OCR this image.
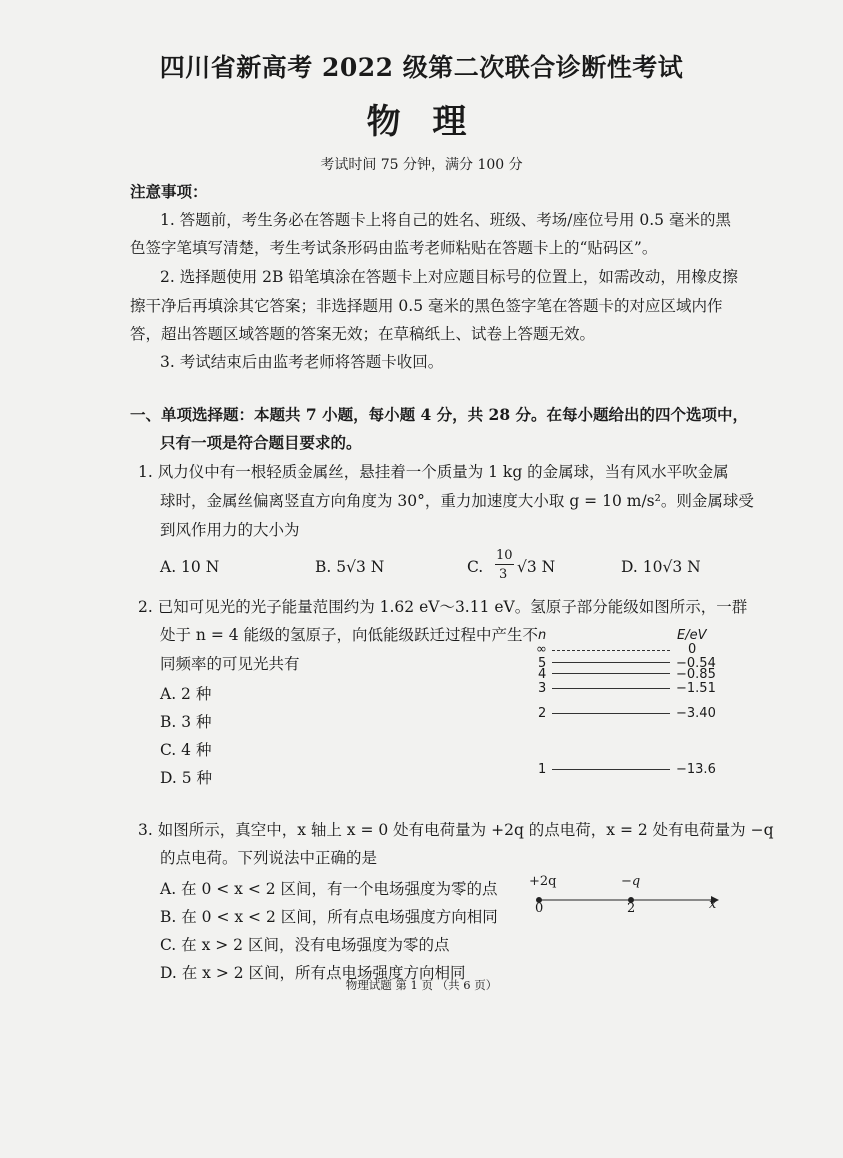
四川省新高考 2022 级第二次联合诊断性考试
物 理
考试时间 75 分钟，满分 100 分
注意事项：
1. 答题前，考生务必在答题卡上将自己的姓名、班级、考场/座位号用 0.5 毫米的黑
色签字笔填写清楚，考生考试条形码由监考老师粘贴在答题卡上的“贴码区”。
2. 选择题使用 2B 铅笔填涂在答题卡上对应题目标号的位置上，如需改动，用橡皮擦
擦干净后再填涂其它答案；非选择题用 0.5 毫米的黑色签字笔在答题卡的对应区域内作
答，超出答题区域答题的答案无效；在草稿纸上、试卷上答题无效。
3. 考试结束后由监考老师将答题卡收回。
一、单项选择题：本题共 7 小题，每小题 4 分，共 28 分。在每小题给出的四个选项中，
只有一项是符合题目要求的。
1. 风力仪中有一根轻质金属丝，悬挂着一个质量为 1 kg 的金属球，当有风水平吹金属
球时，金属丝偏离竖直方向角度为 30°，重力加速度大小取 g = 10 m/s²。则金属球受
到风作用力的大小为
A. 10 N	B. 5√3 N	C.
10
3 √3 N	D. 10√3 N
2. 已知可见光的光子能量范围约为 1.62 eV～3.11 eV。氢原子部分能级如图所示，一群
处于 n = 4 能级的氢原子，向低能级跃迁过程中产生不
同频率的可见光共有
A. 2 种
B. 3 种
C. 4 种
D. 5 种
n	E/eV
∞	0
5	−0.54
4	−0.85
3	−1.51
2	−3.40
1	−13.6
3. 如图所示，真空中，x 轴上 x = 0 处有电荷量为 +2q 的点电荷，x = 2 处有电荷量为 −q
的点电荷。下列说法中正确的是
A. 在 0 < x < 2 区间，有一个电场强度为零的点
B. 在 0 < x < 2 区间，所有点电场强度方向相同
C. 在 x > 2 区间，没有电场强度为零的点
D. 在 x > 2 区间，所有点电场强度方向相同
+2q	−q
0	2	x
物理试题 第 1 页 （共 6 页）
